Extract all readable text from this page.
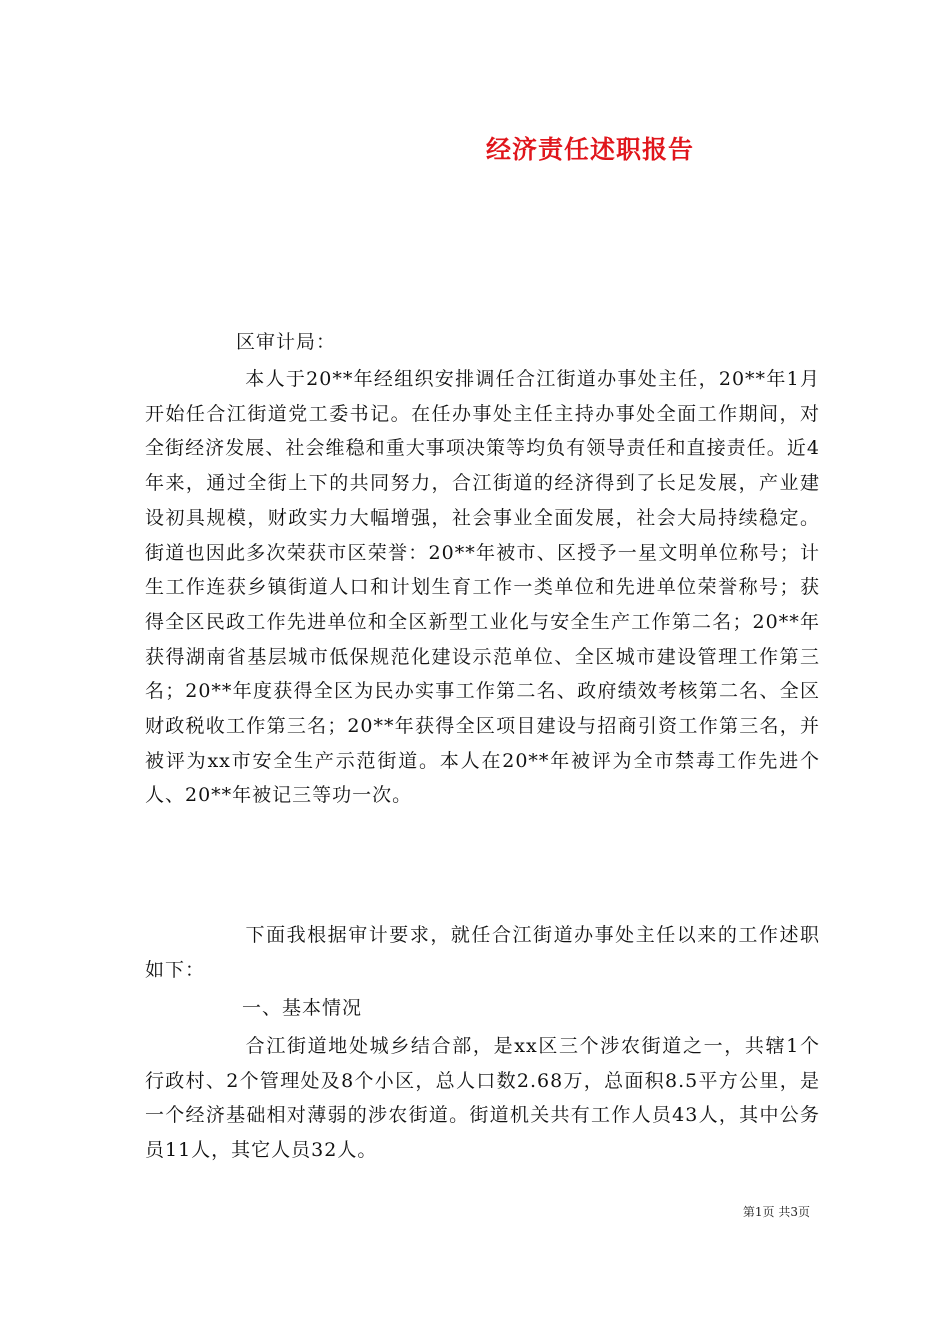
经济责任述职报告
区审计局：

本人于20**年经组织安排调任合江街道办事处主任，20**年1月开始任合江街道党工委书记。在任办事处主任主持办事处全面工作期间，对全街经济发展、社会维稳和重大事项决策等均负有领导责任和直接责任。近4年来，通过全街上下的共同努力，合江街道的经济得到了长足发展，产业建设初具规模，财政实力大幅增强，社会事业全面发展，社会大局持续稳定。街道也因此多次荣获市区荣誉：20**年被市、区授予一星文明单位称号；计生工作连获乡镇街道人口和计划生育工作一类单位和先进单位荣誉称号；获得全区民政工作先进单位和全区新型工业化与安全生产工作第二名；20**年获得湖南省基层城市低保规范化建设示范单位、全区城市建设管理工作第三名；20**年度获得全区为民办实事工作第二名、政府绩效考核第二名、全区财政税收工作第三名；20**年获得全区项目建设与招商引资工作第三名，并被评为xx市安全生产示范街道。本人在20**年被评为全市禁毒工作先进个人、20**年被记三等功一次。

下面我根据审计要求，就任合江街道办事处主任以来的工作述职如下：

一、基本情况

合江街道地处城乡结合部，是xx区三个涉农街道之一，共辖1个行政村、2个管理处及8个小区，总人口数2.68万，总面积8.5平方公里，是一个经济基础相对薄弱的涉农街道。街道机关共有工作人员43人，其中公务员11人，其它人员32人。

第1页 共3页
